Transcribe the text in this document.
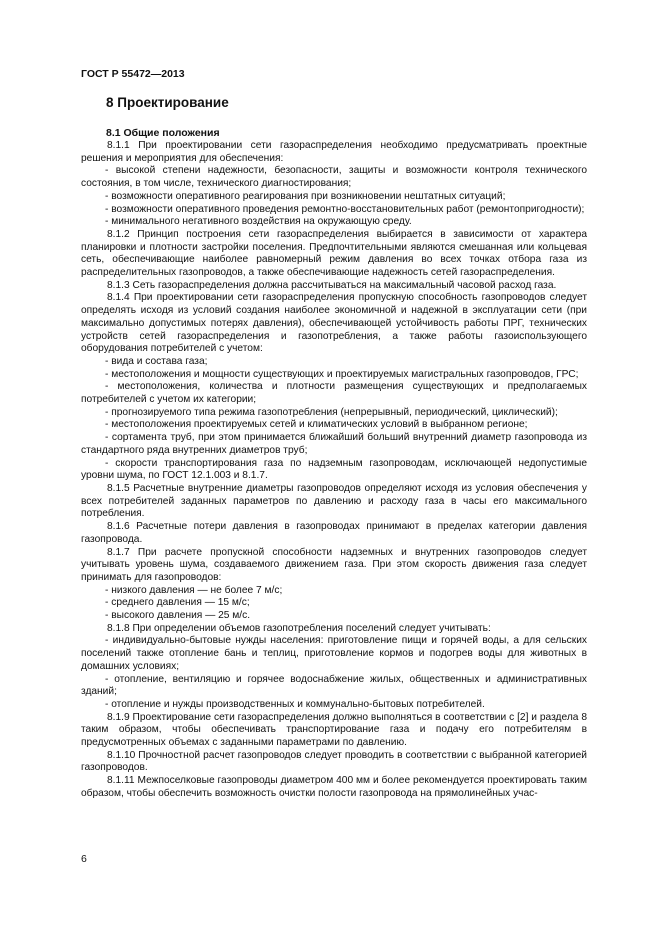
ГОСТ Р 55472—2013
8 Проектирование
8.1 Общие положения

8.1.1 При проектировании сети газораспределения необходимо предусматривать проектные решения и мероприятия для обеспечения:

- высокой степени надежности, безопасности, защиты и возможности контроля технического состояния, в том числе, технического диагностирования;

- возможности оперативного реагирования при возникновении нештатных ситуаций;

- возможности оперативного проведения ремонтно-восстановительных работ (ремонтопригодности);

- минимального негативного воздействия на окружающую среду.

8.1.2 Принцип построения сети газораспределения выбирается в зависимости от характера планировки и плотности застройки поселения. Предпочтительными являются смешанная или кольцевая сеть, обеспечивающие наиболее равномерный режим давления во всех точках отбора газа из распределительных газопроводов, а также обеспечивающие надежность сетей газораспределения.

8.1.3 Сеть газораспределения должна рассчитываться на максимальный часовой расход газа.

8.1.4 При проектировании сети газораспределения пропускную способность газопроводов следует определять исходя из условий создания наиболее экономичной и надежной в эксплуатации сети (при максимально допустимых потерях давления), обеспечивающей устойчивость работы ПРГ, технических устройств сетей газораспределения и газопотребления, а также работы газоиспользующего оборудования потребителей с учетом:

- вида и состава газа;

- местоположения и мощности существующих и проектируемых магистральных газопроводов, ГРС;

- местоположения, количества и плотности размещения существующих и предполагаемых потребителей с учетом их категории;

- прогнозируемого типа режима газопотребления (непрерывный, периодический, циклический);

- местоположения проектируемых сетей и климатических условий в выбранном регионе;

- сортамента труб, при этом принимается ближайший больший внутренний диаметр газопровода из стандартного ряда внутренних диаметров труб;

- скорости транспортирования газа по надземным газопроводам, исключающей недопустимые уровни шума, по ГОСТ 12.1.003 и 8.1.7.

8.1.5 Расчетные внутренние диаметры газопроводов определяют исходя из условия обеспечения у всех потребителей заданных параметров по давлению и расходу газа в часы его максимального потребления.

8.1.6 Расчетные потери давления в газопроводах принимают в пределах категории давления газопровода.

8.1.7 При расчете пропускной способности надземных и внутренних газопроводов следует учитывать уровень шума, создаваемого движением газа. При этом скорость движения газа следует принимать для газопроводов:

- низкого давления — не более 7 м/с;

- среднего давления — 15 м/с;

- высокого давления — 25 м/с.

8.1.8 При определении объемов газопотребления поселений следует учитывать:

- индивидуально-бытовые нужды населения: приготовление пищи и горячей воды, а для сельских поселений также отопление бань и теплиц, приготовление кормов и подогрев воды для животных в домашних условиях;

- отопление, вентиляцию и горячее водоснабжение жилых, общественных и административных зданий;

- отопление и нужды производственных и коммунально-бытовых потребителей.

8.1.9 Проектирование сети газораспределения должно выполняться в соответствии с [2] и раздела 8 таким образом, чтобы обеспечивать транспортирование газа и подачу его потребителям в предусмотренных объемах с заданными параметрами по давлению.

8.1.10 Прочностной расчет газопроводов следует проводить в соответствии с выбранной категорией газопроводов.

8.1.11 Межпоселковые газопроводы диаметром 400 мм и более рекомендуется проектировать таким образом, чтобы обеспечить возможность очистки полости газопровода на прямолинейных учас-

6
